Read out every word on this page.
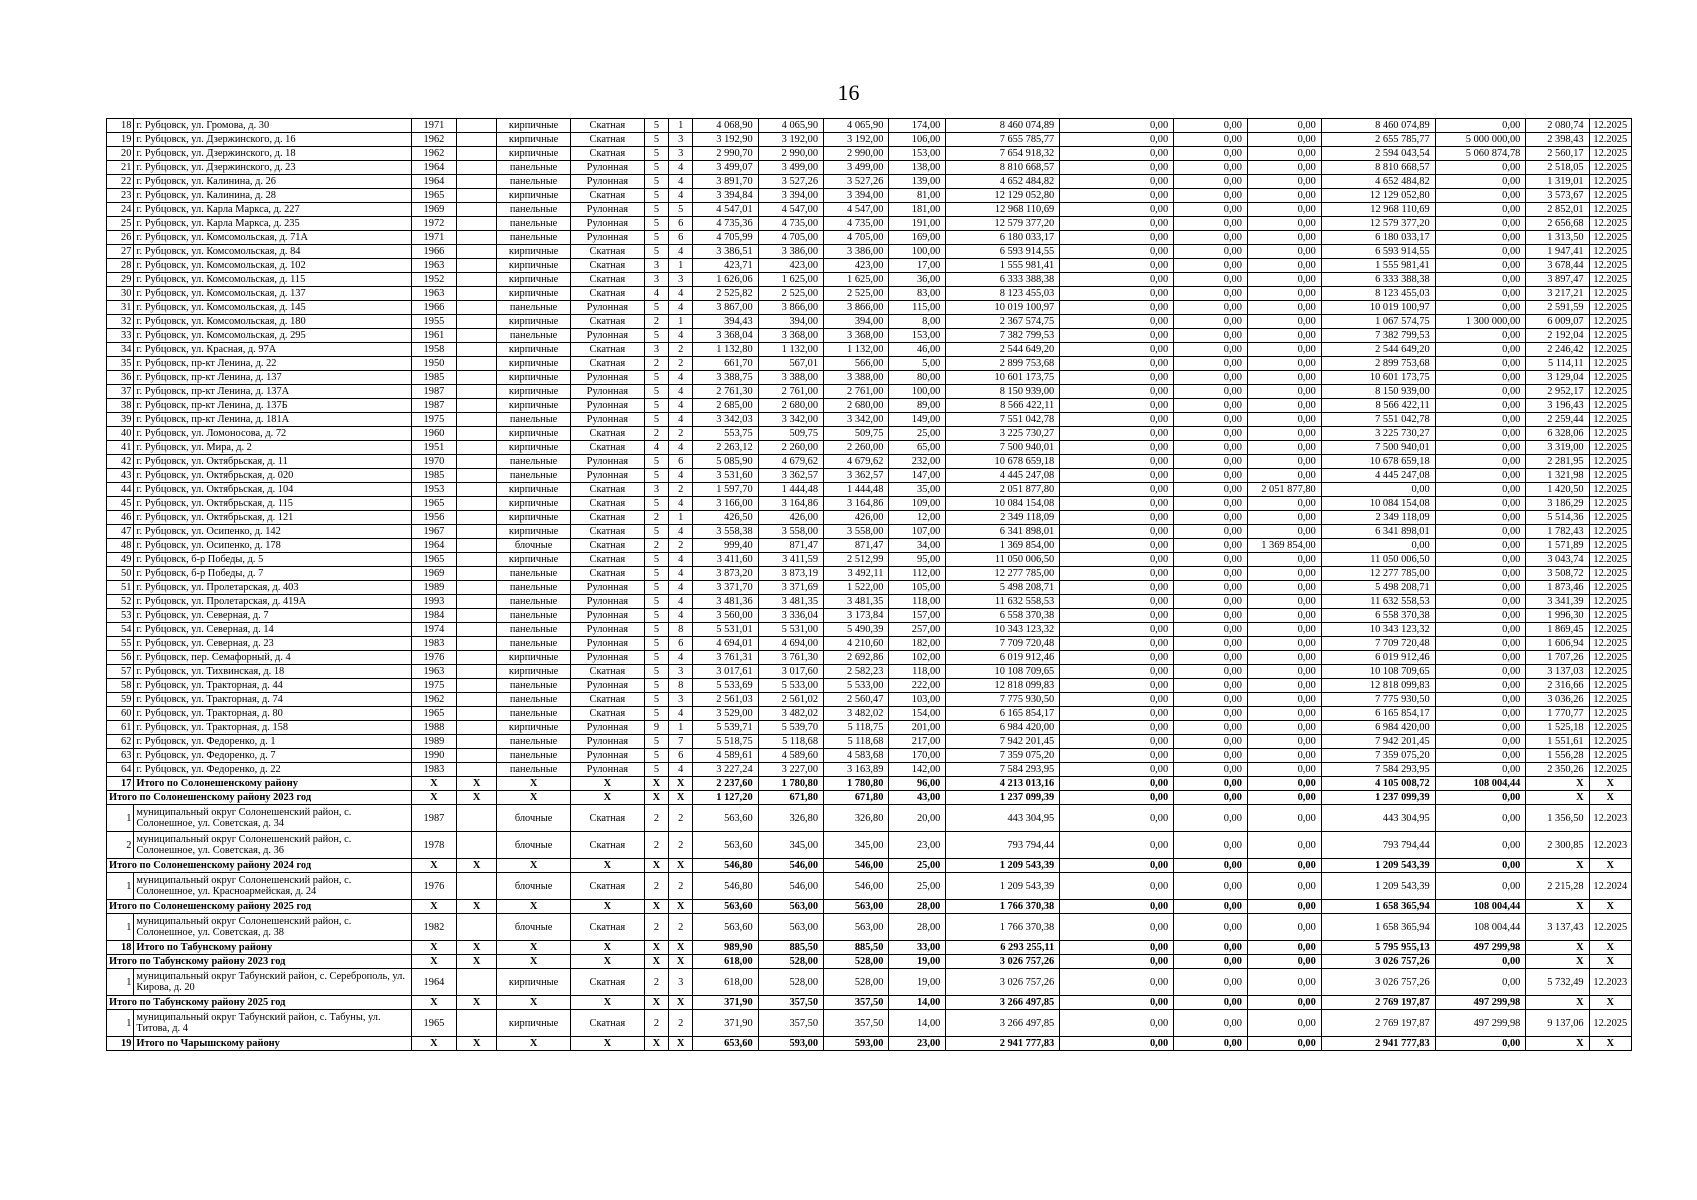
16
18	г. Рубцовск, ул. Громова, д. 30	1971		кирпичные	Скатная	5	1	4 068,90	4 065,90	4 065,90	174,00	8 460 074,89	0,00	0,00	0,00	8 460 074,89	0,00	2 080,74	12.2025
19	г. Рубцовск, ул. Дзержинского, д. 16	1962		кирпичные	Скатная	5	3	3 192,90	3 192,00	3 192,00	106,00	7 655 785,77	0,00	0,00	0,00	2 655 785,77	5 000 000,00	2 398,43	12.2025
20	г. Рубцовск, ул. Дзержинского, д. 18	1962		кирпичные	Скатная	5	3	2 990,70	2 990,00	2 990,00	153,00	7 654 918,32	0,00	0,00	0,00	2 594 043,54	5 060 874,78	2 560,17	12.2025
21	г. Рубцовск, ул. Дзержинского, д. 23	1964		панельные	Рулонная	5	4	3 499,07	3 499,00	3 499,00	138,00	8 810 668,57	0,00	0,00	0,00	8 810 668,57	0,00	2 518,05	12.2025
22	г. Рубцовск, ул. Калинина, д. 26	1964		панельные	Рулонная	5	4	3 891,70	3 527,26	3 527,26	139,00	4 652 484,82	0,00	0,00	0,00	4 652 484,82	0,00	1 319,01	12.2025
23	г. Рубцовск, ул. Калинина, д. 28	1965		кирпичные	Скатная	5	4	3 394,84	3 394,00	3 394,00	81,00	12 129 052,80	0,00	0,00	0,00	12 129 052,80	0,00	3 573,67	12.2025
24	г. Рубцовск, ул. Карла Маркса, д. 227	1969		панельные	Рулонная	5	5	4 547,01	4 547,00	4 547,00	181,00	12 968 110,69	0,00	0,00	0,00	12 968 110,69	0,00	2 852,01	12.2025
25	г. Рубцовск, ул. Карла Маркса, д. 235	1972		панельные	Рулонная	5	6	4 735,36	4 735,00	4 735,00	191,00	12 579 377,20	0,00	0,00	0,00	12 579 377,20	0,00	2 656,68	12.2025
26	г. Рубцовск, ул. Комсомольская, д. 71А	1971		панельные	Рулонная	5	6	4 705,99	4 705,00	4 705,00	169,00	6 180 033,17	0,00	0,00	0,00	6 180 033,17	0,00	1 313,50	12.2025
27	г. Рубцовск, ул. Комсомольская, д. 84	1966		кирпичные	Скатная	5	4	3 386,51	3 386,00	3 386,00	100,00	6 593 914,55	0,00	0,00	0,00	6 593 914,55	0,00	1 947,41	12.2025
28	г. Рубцовск, ул. Комсомольская, д. 102	1963		кирпичные	Скатная	3	1	423,71	423,00	423,00	17,00	1 555 981,41	0,00	0,00	0,00	1 555 981,41	0,00	3 678,44	12.2025
29	г. Рубцовск, ул. Комсомольская, д. 115	1952		кирпичные	Скатная	3	3	1 626,06	1 625,00	1 625,00	36,00	6 333 388,38	0,00	0,00	0,00	6 333 388,38	0,00	3 897,47	12.2025
30	г. Рубцовск, ул. Комсомольская, д. 137	1963		кирпичные	Скатная	4	4	2 525,82	2 525,00	2 525,00	83,00	8 123 455,03	0,00	0,00	0,00	8 123 455,03	0,00	3 217,21	12.2025
31	г. Рубцовск, ул. Комсомольская, д. 145	1966		панельные	Рулонная	5	4	3 867,00	3 866,00	3 866,00	115,00	10 019 100,97	0,00	0,00	0,00	10 019 100,97	0,00	2 591,59	12.2025
32	г. Рубцовск, ул. Комсомольская, д. 180	1955		кирпичные	Скатная	2	1	394,43	394,00	394,00	8,00	2 367 574,75	0,00	0,00	0,00	1 067 574,75	1 300 000,00	6 009,07	12.2025
33	г. Рубцовск, ул. Комсомольская, д. 295	1961		панельные	Рулонная	5	4	3 368,04	3 368,00	3 368,00	153,00	7 382 799,53	0,00	0,00	0,00	7 382 799,53	0,00	2 192,04	12.2025
34	г. Рубцовск, ул. Красная, д. 97А	1958		кирпичные	Скатная	3	2	1 132,80	1 132,00	1 132,00	46,00	2 544 649,20	0,00	0,00	0,00	2 544 649,20	0,00	2 246,42	12.2025
35	г. Рубцовск, пр-кт Ленина, д. 22	1950		кирпичные	Скатная	2	2	661,70	567,01	566,00	5,00	2 899 753,68	0,00	0,00	0,00	2 899 753,68	0,00	5 114,11	12.2025
36	г. Рубцовск, пр-кт Ленина, д. 137	1985		кирпичные	Рулонная	5	4	3 388,75	3 388,00	3 388,00	80,00	10 601 173,75	0,00	0,00	0,00	10 601 173,75	0,00	3 129,04	12.2025
37	г. Рубцовск, пр-кт Ленина, д. 137А	1987		кирпичные	Рулонная	5	4	2 761,30	2 761,00	2 761,00	100,00	8 150 939,00	0,00	0,00	0,00	8 150 939,00	0,00	2 952,17	12.2025
38	г. Рубцовск, пр-кт Ленина, д. 137Б	1987		кирпичные	Рулонная	5	4	2 685,00	2 680,00	2 680,00	89,00	8 566 422,11	0,00	0,00	0,00	8 566 422,11	0,00	3 196,43	12.2025
39	г. Рубцовск, пр-кт Ленина, д. 181А	1975		панельные	Рулонная	5	4	3 342,03	3 342,00	3 342,00	149,00	7 551 042,78	0,00	0,00	0,00	7 551 042,78	0,00	2 259,44	12.2025
40	г. Рубцовск, ул. Ломоносова, д. 72	1960		кирпичные	Скатная	2	2	553,75	509,75	509,75	25,00	3 225 730,27	0,00	0,00	0,00	3 225 730,27	0,00	6 328,06	12.2025
41	г. Рубцовск, ул. Мира, д. 2	1951		кирпичные	Скатная	4	4	2 263,12	2 260,00	2 260,00	65,00	7 500 940,01	0,00	0,00	0,00	7 500 940,01	0,00	3 319,00	12.2025
42	г. Рубцовск, ул. Октябрьская, д. 11	1970		панельные	Рулонная	5	6	5 085,90	4 679,62	4 679,62	232,00	10 678 659,18	0,00	0,00	0,00	10 678 659,18	0,00	2 281,95	12.2025
43	г. Рубцовск, ул. Октябрьская, д. 020	1985		панельные	Рулонная	5	4	3 531,60	3 362,57	3 362,57	147,00	4 445 247,08	0,00	0,00	0,00	4 445 247,08	0,00	1 321,98	12.2025
44	г. Рубцовск, ул. Октябрьская, д. 104	1953		кирпичные	Скатная	3	2	1 597,70	1 444,48	1 444,48	35,00	2 051 877,80	0,00	0,00	2 051 877,80	0,00	0,00	1 420,50	12.2025
45	г. Рубцовск, ул. Октябрьская, д. 115	1965		кирпичные	Скатная	5	4	3 166,00	3 164,86	3 164,86	109,00	10 084 154,08	0,00	0,00	0,00	10 084 154,08	0,00	3 186,29	12.2025
46	г. Рубцовск, ул. Октябрьская, д. 121	1956		кирпичные	Скатная	2	1	426,50	426,00	426,00	12,00	2 349 118,09	0,00	0,00	0,00	2 349 118,09	0,00	5 514,36	12.2025
47	г. Рубцовск, ул. Осипенко, д. 142	1967		кирпичные	Скатная	5	4	3 558,38	3 558,00	3 558,00	107,00	6 341 898,01	0,00	0,00	0,00	6 341 898,01	0,00	1 782,43	12.2025
48	г. Рубцовск, ул. Осипенко, д. 178	1964		блочные	Скатная	2	2	999,40	871,47	871,47	34,00	1 369 854,00	0,00	0,00	1 369 854,00	0,00	0,00	1 571,89	12.2025
49	г. Рубцовск, б-р Победы, д. 5	1965		кирпичные	Скатная	5	4	3 411,60	3 411,59	2 512,99	95,00	11 050 006,50	0,00	0,00	0,00	11 050 006,50	0,00	3 043,74	12.2025
50	г. Рубцовск, б-р Победы, д. 7	1969		панельные	Скатная	5	4	3 873,20	3 873,19	3 492,11	112,00	12 277 785,00	0,00	0,00	0,00	12 277 785,00	0,00	3 508,72	12.2025
51	г. Рубцовск, ул. Пролетарская, д. 403	1989		панельные	Рулонная	5	4	3 371,70	3 371,69	1 522,00	105,00	5 498 208,71	0,00	0,00	0,00	5 498 208,71	0,00	1 873,46	12.2025
52	г. Рубцовск, ул. Пролетарская, д. 419А	1993		панельные	Рулонная	5	4	3 481,36	3 481,35	3 481,35	118,00	11 632 558,53	0,00	0,00	0,00	11 632 558,53	0,00	3 341,39	12.2025
53	г. Рубцовск, ул. Северная, д. 7	1984		панельные	Рулонная	5	4	3 560,00	3 336,04	3 173,84	157,00	6 558 370,38	0,00	0,00	0,00	6 558 370,38	0,00	1 996,30	12.2025
54	г. Рубцовск, ул. Северная, д. 14	1974		панельные	Рулонная	5	8	5 531,01	5 531,00	5 490,39	257,00	10 343 123,32	0,00	0,00	0,00	10 343 123,32	0,00	1 869,45	12.2025
55	г. Рубцовск, ул. Северная, д. 23	1983		панельные	Рулонная	5	6	4 694,01	4 694,00	4 210,60	182,00	7 709 720,48	0,00	0,00	0,00	7 709 720,48	0,00	1 606,94	12.2025
56	г. Рубцовск, пер. Семафорный, д. 4	1976		кирпичные	Рулонная	5	4	3 761,31	3 761,30	2 692,86	102,00	6 019 912,46	0,00	0,00	0,00	6 019 912,46	0,00	1 707,26	12.2025
57	г. Рубцовск, ул. Тихвинская, д. 18	1963		кирпичные	Скатная	5	3	3 017,61	3 017,60	2 582,23	118,00	10 108 709,65	0,00	0,00	0,00	10 108 709,65	0,00	3 137,03	12.2025
58	г. Рубцовск, ул. Тракторная, д. 44	1975		панельные	Рулонная	5	8	5 533,69	5 533,00	5 533,00	222,00	12 818 099,83	0,00	0,00	0,00	12 818 099,83	0,00	2 316,66	12.2025
59	г. Рубцовск, ул. Тракторная, д. 74	1962		панельные	Скатная	5	3	2 561,03	2 561,02	2 560,47	103,00	7 775 930,50	0,00	0,00	0,00	7 775 930,50	0,00	3 036,26	12.2025
60	г. Рубцовск, ул. Тракторная, д. 80	1965		панельные	Скатная	5	4	3 529,00	3 482,02	3 482,02	154,00	6 165 854,17	0,00	0,00	0,00	6 165 854,17	0,00	1 770,77	12.2025
61	г. Рубцовск, ул. Тракторная, д. 158	1988		кирпичные	Рулонная	9	1	5 539,71	5 539,70	5 118,75	201,00	6 984 420,00	0,00	0,00	0,00	6 984 420,00	0,00	1 525,18	12.2025
62	г. Рубцовск, ул. Федоренко, д. 1	1989		панельные	Рулонная	5	7	5 518,75	5 118,68	5 118,68	217,00	7 942 201,45	0,00	0,00	0,00	7 942 201,45	0,00	1 551,61	12.2025
63	г. Рубцовск, ул. Федоренко, д. 7	1990		панельные	Рулонная	5	6	4 589,61	4 589,60	4 583,68	170,00	7 359 075,20	0,00	0,00	0,00	7 359 075,20	0,00	1 556,28	12.2025
64	г. Рубцовск, ул. Федоренко, д. 22	1983		панельные	Рулонная	5	4	3 227,24	3 227,00	3 163,89	142,00	7 584 293,95	0,00	0,00	0,00	7 584 293,95	0,00	2 350,26	12.2025
17	Итого по Солонешенскому району	X	X	X	X	X	X	2 237,60	1 780,80	1 780,80	96,00	4 213 013,16	0,00	0,00	0,00	4 105 008,72	108 004,44	X	X
Итого по Солонешенскому району 2023 год		X	X	X	X	X	X	1 127,20	671,80	671,80	43,00	1 237 099,39	0,00	0,00	0,00	1 237 099,39	0,00	X	X
1	муниципальный округ Солонешенский район, с. Солонешное, ул. Советская, д. 34	1987		блочные	Скатная	2	2	563,60	326,80	326,80	20,00	443 304,95	0,00	0,00	0,00	443 304,95	0,00	1 356,50	12.2023
2	муниципальный округ Солонешенский район, с. Солонешное, ул. Советская, д. 36	1978		блочные	Скатная	2	2	563,60	345,00	345,00	23,00	793 794,44	0,00	0,00	0,00	793 794,44	0,00	2 300,85	12.2023
Итого по Солонешенскому району 2024 год		X	X	X	X	X	X	546,80	546,00	546,00	25,00	1 209 543,39	0,00	0,00	0,00	1 209 543,39	0,00	X	X
1	муниципальный округ Солонешенский район, с. Солонешное, ул. Красноармейская, д. 24	1976		блочные	Скатная	2	2	546,80	546,00	546,00	25,00	1 209 543,39	0,00	0,00	0,00	1 209 543,39	0,00	2 215,28	12.2024
Итого по Солонешенскому району 2025 год		X	X	X	X	X	X	563,60	563,00	563,00	28,00	1 766 370,38	0,00	0,00	0,00	1 658 365,94	108 004,44	X	X
1	муниципальный округ Солонешенский район, с. Солонешное, ул. Советская, д. 38	1982		блочные	Скатная	2	2	563,60	563,00	563,00	28,00	1 766 370,38	0,00	0,00	0,00	1 658 365,94	108 004,44	3 137,43	12.2025
18	Итого по Табунскому району	X	X	X	X	X	X	989,90	885,50	885,50	33,00	6 293 255,11	0,00	0,00	0,00	5 795 955,13	497 299,98	X	X
Итого по Табунскому району 2023 год		X	X	X	X	X	X	618,00	528,00	528,00	19,00	3 026 757,26	0,00	0,00	0,00	3 026 757,26	0,00	X	X
1	муниципальный округ Табунский район, с. Сереброполь, ул. Кирова, д. 20	1964		кирпичные	Скатная	2	3	618,00	528,00	528,00	19,00	3 026 757,26	0,00	0,00	0,00	3 026 757,26	0,00	5 732,49	12.2023
Итого по Табунскому району 2025 год		X	X	X	X	X	X	371,90	357,50	357,50	14,00	3 266 497,85	0,00	0,00	0,00	2 769 197,87	497 299,98	X	X
1	муниципальный округ Табунский район, с. Табуны, ул. Титова, д. 4	1965		кирпичные	Скатная	2	2	371,90	357,50	357,50	14,00	3 266 497,85	0,00	0,00	0,00	2 769 197,87	497 299,98	9 137,06	12.2025
19	Итого по Чарышскому району	X	X	X	X	X	X	653,60	593,00	593,00	23,00	2 941 777,83	0,00	0,00	0,00	2 941 777,83	0,00	X	X
